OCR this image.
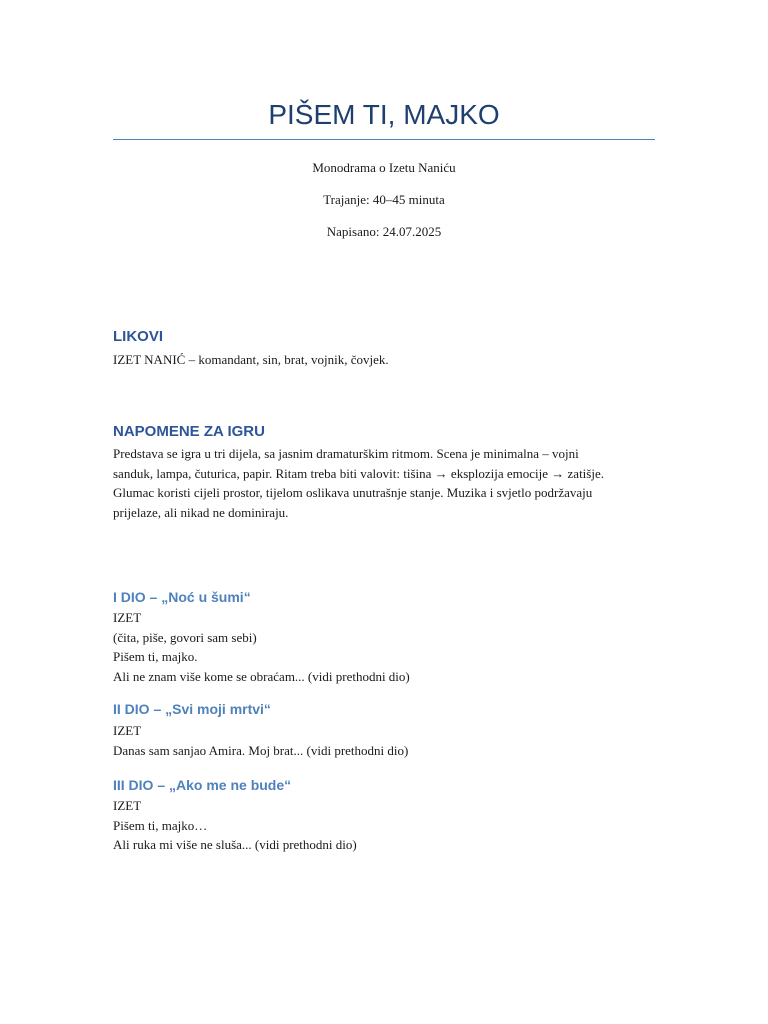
PIŠEM TI, MAJKO

Monodrama o Izetu Naniću

Trajanje: 40–45 minuta

Napisano: 24.07.2025

LIKOVI

IZET NANIĆ – komandant, sin, brat, vojnik, čovjek.

NAPOMENE ZA IGRU

Predstava se igra u tri dijela, sa jasnim dramaturškim ritmom. Scena je minimalna – vojni

sanduk, lampa, čuturica, papir. Ritam treba biti valovit: tišina → eksplozija emocije → zatišje.

Glumac koristi cijeli prostor, tijelom oslikava unutrašnje stanje. Muzika i svjetlo podržavaju

prijelaze, ali nikad ne dominiraju.

I DIO – „Noć u šumi“

IZET

(čita, piše, govori sam sebi)

Pišem ti, majko.

Ali ne znam više kome se obraćam... (vidi prethodni dio)

II DIO – „Svi moji mrtvi“

IZET

Danas sam sanjao Amira. Moj brat... (vidi prethodni dio)

III DIO – „Ako me ne bude“

IZET

Pišem ti, majko…

Ali ruka mi više ne sluša... (vidi prethodni dio)
